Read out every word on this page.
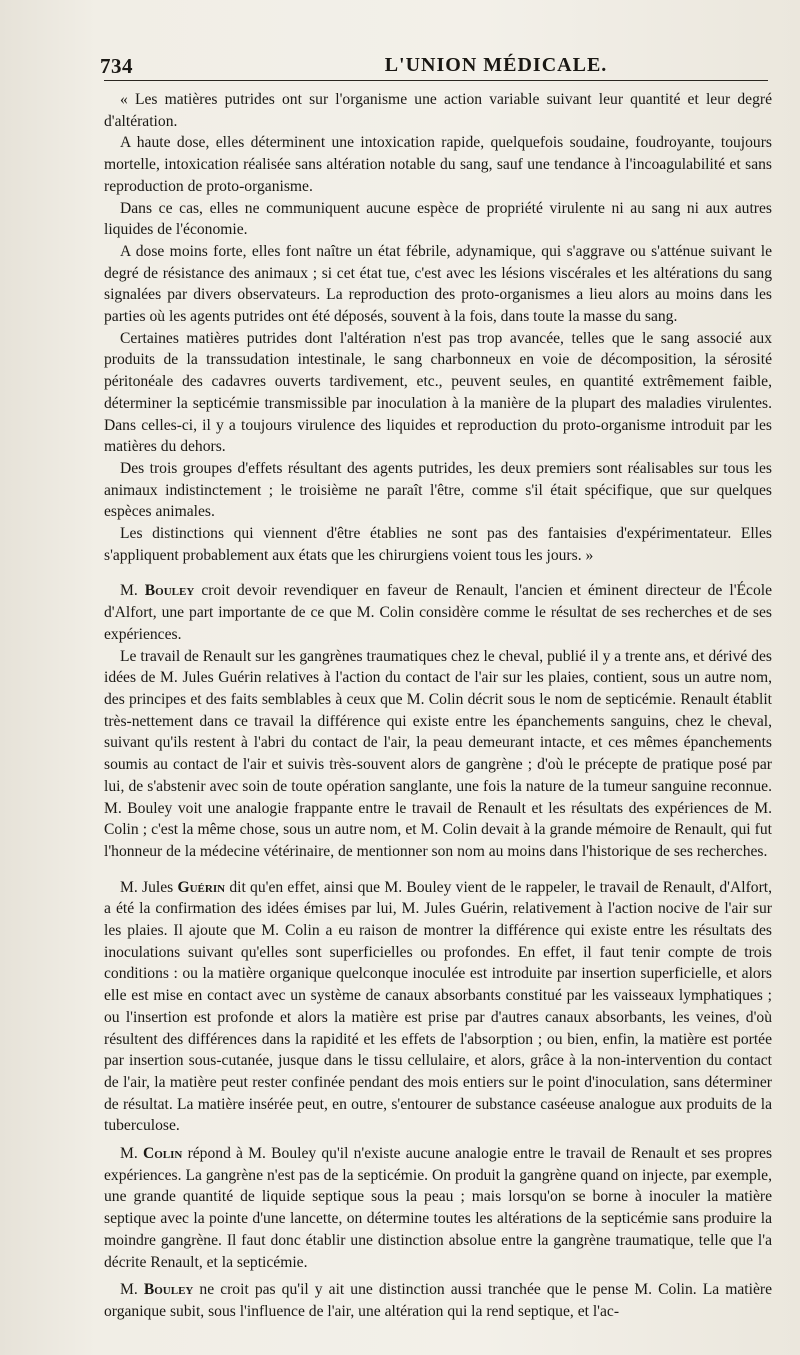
734	L'UNION MÉDICALE.

« Les matières putrides ont sur l'organisme une action variable suivant leur quantité et leur degré d'altération.

A haute dose, elles déterminent une intoxication rapide, quelquefois soudaine, foudroyante, toujours mortelle, intoxication réalisée sans altération notable du sang, sauf une tendance à l'incoagulabilité et sans reproduction de proto-organisme.

Dans ce cas, elles ne communiquent aucune espèce de propriété virulente ni au sang ni aux autres liquides de l'économie.

A dose moins forte, elles font naître un état fébrile, adynamique, qui s'aggrave ou s'atténue suivant le degré de résistance des animaux ; si cet état tue, c'est avec les lésions viscérales et les altérations du sang signalées par divers observateurs. La reproduction des proto-organismes a lieu alors au moins dans les parties où les agents putrides ont été déposés, souvent à la fois, dans toute la masse du sang.

Certaines matières putrides dont l'altération n'est pas trop avancée, telles que le sang associé aux produits de la transsudation intestinale, le sang charbonneux en voie de décomposition, la sérosité péritonéale des cadavres ouverts tardivement, etc., peuvent seules, en quantité extrêmement faible, déterminer la septicémie transmissible par inoculation à la manière de la plupart des maladies virulentes. Dans celles-ci, il y a toujours virulence des liquides et reproduction du proto-organisme introduit par les matières du dehors.

Des trois groupes d'effets résultant des agents putrides, les deux premiers sont réalisables sur tous les animaux indistinctement ; le troisième ne paraît l'être, comme s'il était spécifique, que sur quelques espèces animales.

Les distinctions qui viennent d'être établies ne sont pas des fantaisies d'expérimentateur. Elles s'appliquent probablement aux états que les chirurgiens voient tous les jours. »

M. Bouley croit devoir revendiquer en faveur de Renault, l'ancien et éminent directeur de l'École d'Alfort, une part importante de ce que M. Colin considère comme le résultat de ses recherches et de ses expériences.

Le travail de Renault sur les gangrènes traumatiques chez le cheval, publié il y a trente ans, et dérivé des idées de M. Jules Guérin relatives à l'action du contact de l'air sur les plaies, contient, sous un autre nom, des principes et des faits semblables à ceux que M. Colin décrit sous le nom de septicémie. Renault établit très-nettement dans ce travail la différence qui existe entre les épanchements sanguins, chez le cheval, suivant qu'ils restent à l'abri du contact de l'air, la peau demeurant intacte, et ces mêmes épanchements soumis au contact de l'air et suivis très-souvent alors de gangrène ; d'où le précepte de pratique posé par lui, de s'abstenir avec soin de toute opération sanglante, une fois la nature de la tumeur sanguine reconnue. M. Bouley voit une analogie frappante entre le travail de Renault et les résultats des expériences de M. Colin ; c'est la même chose, sous un autre nom, et M. Colin devait à la grande mémoire de Renault, qui fut l'honneur de la médecine vétérinaire, de mentionner son nom au moins dans l'historique de ses recherches.

M. Jules Guérin dit qu'en effet, ainsi que M. Bouley vient de le rappeler, le travail de Renault, d'Alfort, a été la confirmation des idées émises par lui, M. Jules Guérin, relativement à l'action nocive de l'air sur les plaies. Il ajoute que M. Colin a eu raison de montrer la différence qui existe entre les résultats des inoculations suivant qu'elles sont superficielles ou profondes. En effet, il faut tenir compte de trois conditions : ou la matière organique quelconque inoculée est introduite par insertion superficielle, et alors elle est mise en contact avec un système de canaux absorbants constitué par les vaisseaux lymphatiques ; ou l'insertion est profonde et alors la matière est prise par d'autres canaux absorbants, les veines, d'où résultent des différences dans la rapidité et les effets de l'absorption ; ou bien, enfin, la matière est portée par insertion sous-cutanée, jusque dans le tissu cellulaire, et alors, grâce à la non-intervention du contact de l'air, la matière peut rester confinée pendant des mois entiers sur le point d'inoculation, sans déterminer de résultat. La matière insérée peut, en outre, s'entourer de substance caséeuse analogue aux produits de la tuberculose.

M. Colin répond à M. Bouley qu'il n'existe aucune analogie entre le travail de Renault et ses propres expériences. La gangrène n'est pas de la septicémie. On produit la gangrène quand on injecte, par exemple, une grande quantité de liquide septique sous la peau ; mais lorsqu'on se borne à inoculer la matière septique avec la pointe d'une lancette, on détermine toutes les altérations de la septicémie sans produire la moindre gangrène. Il faut donc établir une distinction absolue entre la gangrène traumatique, telle que l'a décrite Renault, et la septicémie.

M. Bouley ne croit pas qu'il y ait une distinction aussi tranchée que le pense M. Colin. La matière organique subit, sous l'influence de l'air, une altération qui la rend septique, et l'ac-
